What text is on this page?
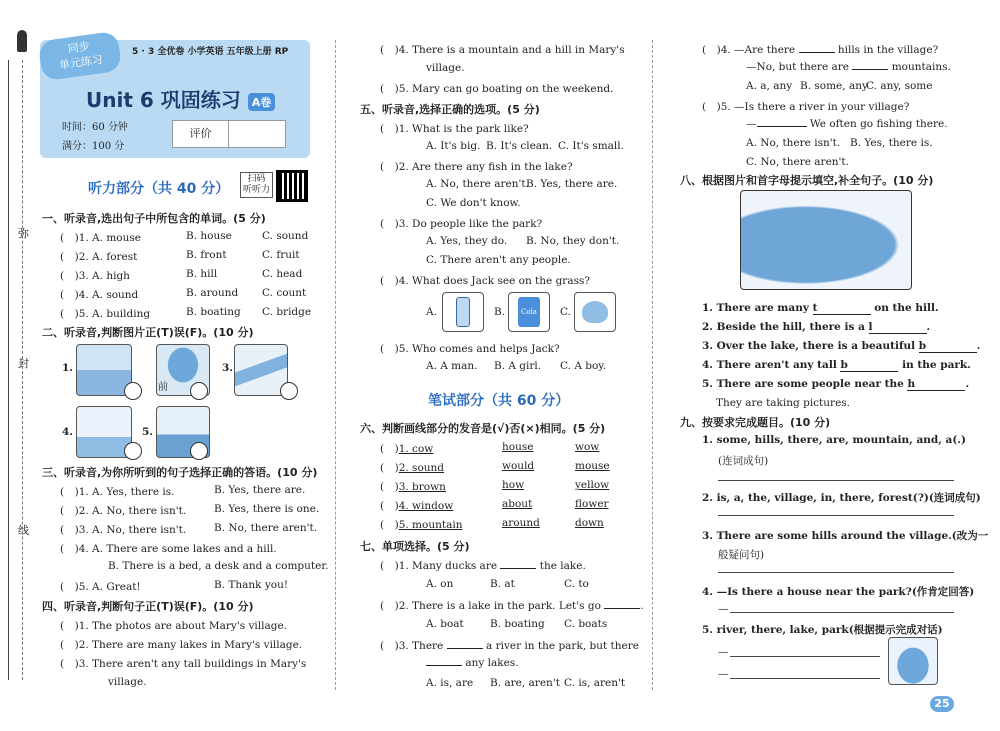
弥
封
线
同步
单元练习
5 · 3 全优卷 小学英语 五年级上册 RP
Unit 6 巩固练习 A卷
时间：60 分钟
满分：100 分
评价
听力部分（共 40 分）
扫码
听听力
一、听录音,选出句子中所包含的单词。(5 分)
(　)1. A. mouse	B. house	C. sound
(　)2. A. forest	B. front	C. fruit
(　)3. A. high	B. hill	C. head
(　)4. A. sound	B. around C. count
(　)5. A. building	B. boating C. bridge
二、听录音,判断图片正(T)误(F)。(10 分)
1.
前
3.
4.	5.
三、听录音,为你所听到的句子选择正确的答语。(10 分)
(　)1. A. Yes, there is.	B. Yes, there are.
(　)2. A. No, there isn't.	B. Yes, there is one.
(　)3. A. No, there isn't.	B. No, there aren't.
(　)4. A. There are some lakes and a hill.
B. There is a bed, a desk and a computer.
(　)5. A. Great!	B. Thank you!
四、听录音,判断句子正(T)误(F)。(10 分)
(　)1. The photos are about Mary's village.
(　)2. There are many lakes in Mary's village.
(　)3. There aren't any tall buildings in Mary's
village.
(　)4. There is a mountain and a hill in Mary's
village.
(　)5. Mary can go boating on the weekend.
五、听录音,选择正确的选项。(5 分)
(　)1. What is the park like?
A. It's big. B. It's clean. C. It's small.
(　)2. Are there any fish in the lake?
A. No, there aren't.
B. Yes, there are.
C. We don't know.
(　)3. Do people like the park?
A. Yes, they do. B. No, they don't.
C. There aren't any people.
(　)4. What does Jack see on the grass?
A.	B.	Cola C.
(　)5. Who comes and helps Jack?
A. A man. B. A girl. C. A boy.
笔试部分（共 60 分）
六、判断画线部分的发音是(√)否(×)相同。(5 分)
(　)1. cow	house	wow
(　)2. sound	would	mouse
(　)3. brown	how	yellow
(　)4. window	about	flower
(　)5. mountain	around	down
七、单项选择。(5 分)
(　)1. Many ducks are	the lake.
A. on	B. at	C. to
(　)2. There is a lake in the park. Let's go	.
A. boat B. boating C. boats
(　)3. There	a river in the park, but there
any lakes.
A. is, are B. are, aren't C. is, aren't
(　)4. —Are there	hills in the village?
—No, but there are	mountains.
A. a, any B. some, any
C. any, some
(　)5. —Is there a river in your village?
—	We often go fishing there.
A. No, there isn't. B. Yes, there is.
C. No, there aren't.
八、根据图片和首字母提示填空,补全句子。(10 分)
1. There are many t	on the hill.
2. Beside the hill, there is a l	.
3. Over the lake, there is a beautiful b	.
4. There aren't any tall b	in the park.
5. There are some people near the h	.
They are taking pictures.
九、按要求完成题目。(10 分)
1. some, hills, there, are, mountain, and, a(.)
(连词成句)
2. is, a, the, village, in, there, forest(?)(连词成句)
3. There are some hills around the village.(改为一
般疑问句)
4. —Is there a house near the park?(作肯定回答)
—
5. river, there, lake, park(根据提示完成对话)
—
—
25
